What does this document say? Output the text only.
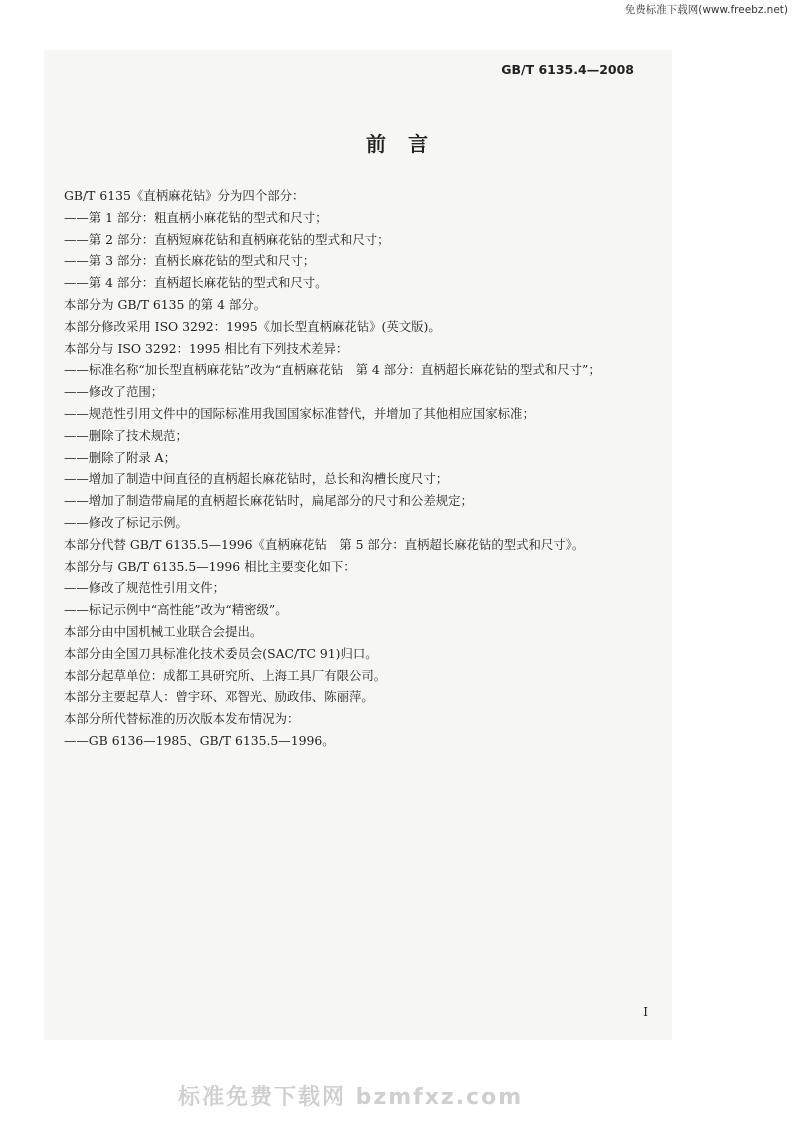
免费标准下载网(www.freebz.net)
GB/T 6135.4—2008
前言
GB/T 6135《直柄麻花钻》分为四个部分：
——第 1 部分：粗直柄小麻花钻的型式和尺寸；
——第 2 部分：直柄短麻花钻和直柄麻花钻的型式和尺寸；
——第 3 部分：直柄长麻花钻的型式和尺寸；
——第 4 部分：直柄超长麻花钻的型式和尺寸。
本部分为 GB/T 6135 的第 4 部分。
本部分修改采用 ISO 3292：1995《加长型直柄麻花钻》(英文版)。
本部分与 ISO 3292：1995 相比有下列技术差异：
——标准名称“加长型直柄麻花钻”改为“直柄麻花钻　第 4 部分：直柄超长麻花钻的型式和尺寸”；
——修改了范围；
——规范性引用文件中的国际标准用我国国家标准替代，并增加了其他相应国家标准；
——删除了技术规范；
——删除了附录 A；
——增加了制造中间直径的直柄超长麻花钻时，总长和沟槽长度尺寸；
——增加了制造带扁尾的直柄超长麻花钻时，扁尾部分的尺寸和公差规定；
——修改了标记示例。
本部分代替 GB/T 6135.5—1996《直柄麻花钻　第 5 部分：直柄超长麻花钻的型式和尺寸》。
本部分与 GB/T 6135.5—1996 相比主要变化如下：
——修改了规范性引用文件；
——标记示例中“高性能”改为“精密级”。
本部分由中国机械工业联合会提出。
本部分由全国刀具标准化技术委员会(SAC/TC 91)归口。
本部分起草单位：成都工具研究所、上海工具厂有限公司。
本部分主要起草人：曾宇环、邓智光、励政伟、陈丽萍。
本部分所代替标准的历次版本发布情况为：
——GB 6136—1985、GB/T 6135.5—1996。
I
标准免费下载网 bzmfxz.com
